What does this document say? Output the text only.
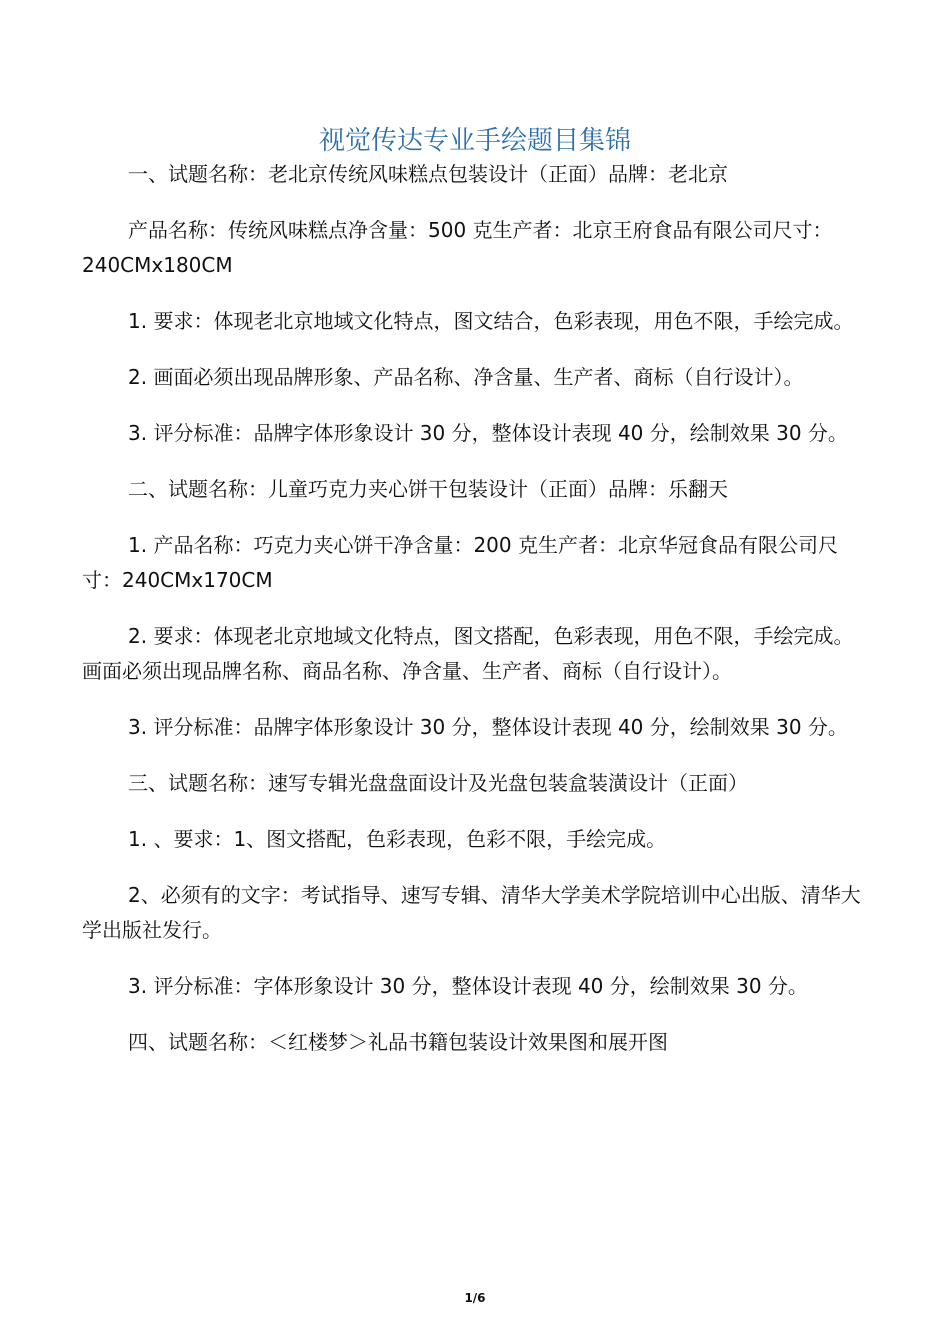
视觉传达专业手绘题目集锦

一、试题名称：老北京传统风味糕点包装设计（正面）品牌：老北京

产品名称：传统风味糕点净含量：500 克生产者：北京王府食品有限公司尺寸：240CMx180CM

1. 要求：体现老北京地域文化特点，图文结合，色彩表现，用色不限，手绘完成。

2. 画面必须出现品牌形象、产品名称、净含量、生产者、商标（自行设计）。

3. 评分标准：品牌字体形象设计 30 分，整体设计表现 40 分，绘制效果 30 分。

二、试题名称：儿童巧克力夹心饼干包装设计（正面）品牌：乐翻天

1. 产品名称：巧克力夹心饼干净含量：200 克生产者：北京华冠食品有限公司尺寸：240CMx170CM

2. 要求：体现老北京地域文化特点，图文搭配，色彩表现，用色不限，手绘完成。画面必须出现品牌名称、商品名称、净含量、生产者、商标（自行设计）。

3. 评分标准：品牌字体形象设计 30 分，整体设计表现 40 分，绘制效果 30 分。

三、试题名称：速写专辑光盘盘面设计及光盘包装盒装潢设计（正面）

1. 、要求：1、图文搭配，色彩表现，色彩不限，手绘完成。

2、必须有的文字：考试指导、速写专辑、清华大学美术学院培训中心出版、清华大学出版社发行。

3. 评分标准：字体形象设计 30 分，整体设计表现 40 分，绘制效果 30 分。

四、试题名称：＜红楼梦＞礼品书籍包装设计效果图和展开图

1/6
